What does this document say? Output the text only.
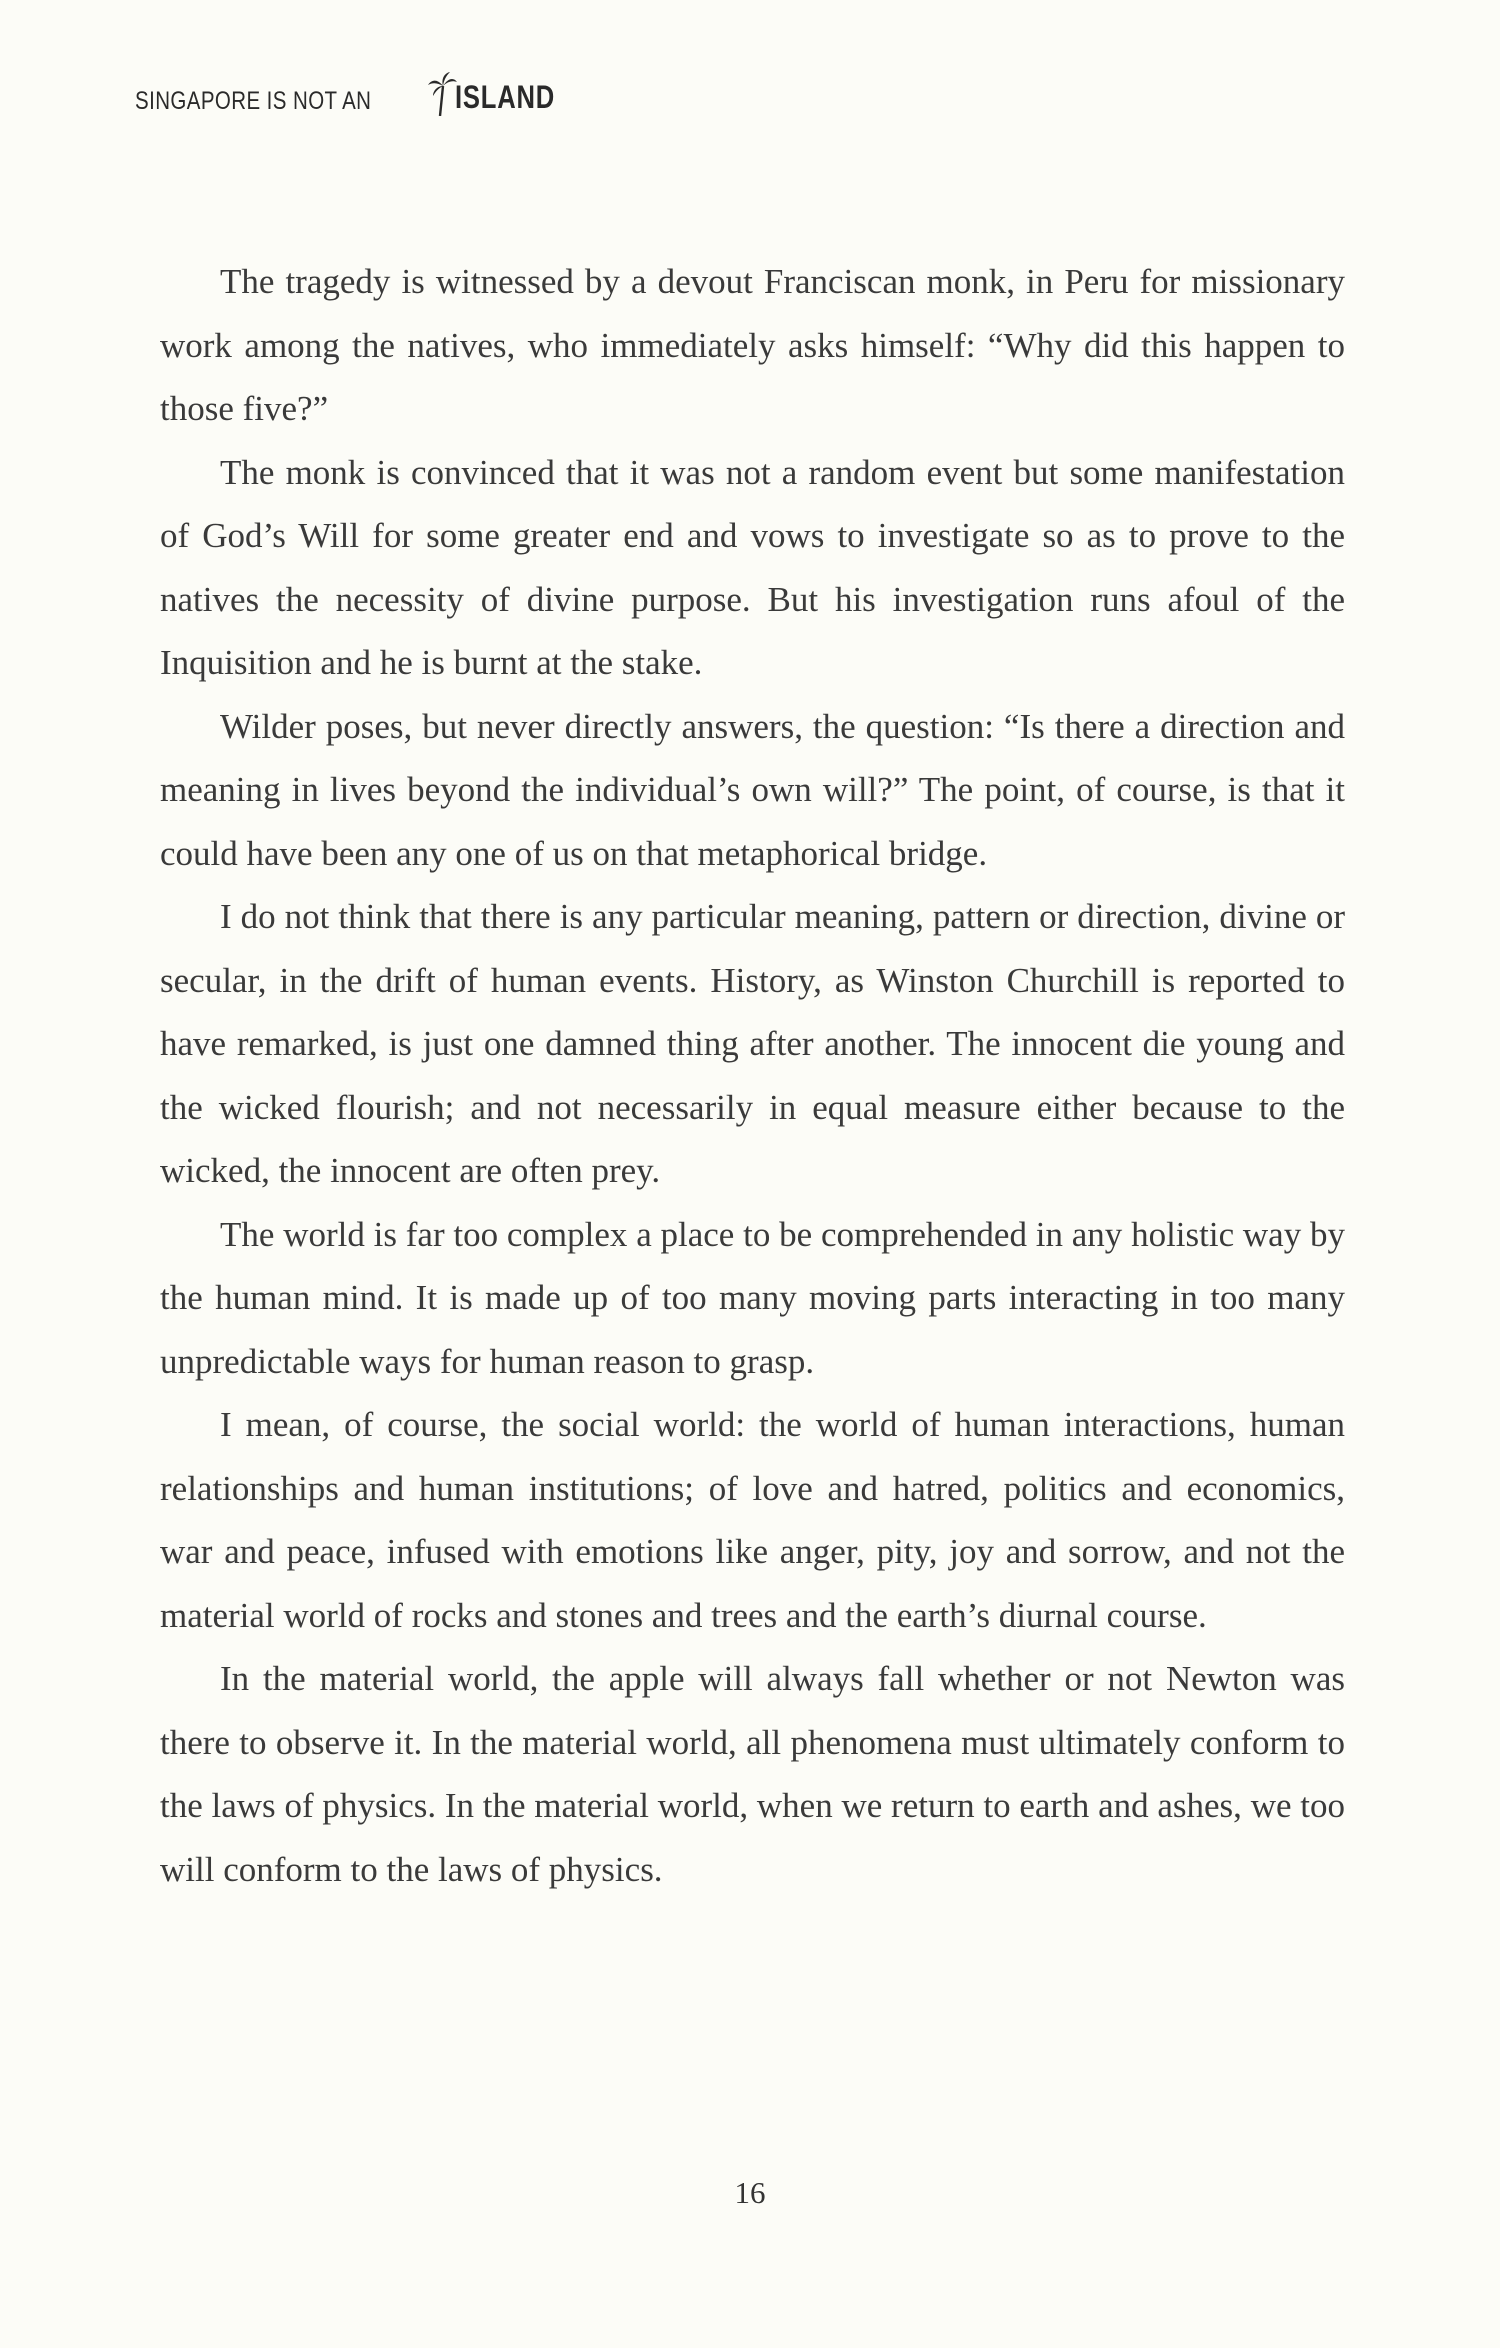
SINGAPORE IS NOT AN	ISLAND

The tragedy is witnessed by a devout Franciscan monk, in Peru for missionary work among the natives, who immediately asks himself: “Why did this happen to those five?”

The monk is convinced that it was not a random event but some manifestation of God’s Will for some greater end and vows to investigate so as to prove to the natives the necessity of divine purpose. But his investigation runs afoul of the Inquisition and he is burnt at the stake.

Wilder poses, but never directly answers, the question: “Is there a direction and meaning in lives beyond the individual’s own will?” The point, of course, is that it could have been any one of us on that metaphorical bridge.

I do not think that there is any particular meaning, pattern or direction, divine or secular, in the drift of human events. History, as Winston Churchill is reported to have remarked, is just one damned thing after another. The innocent die young and the wicked flourish; and not necessarily in equal measure either because to the wicked, the innocent are often prey.

The world is far too complex a place to be comprehended in any holistic way by the human mind. It is made up of too many moving parts interacting in too many unpredictable ways for human reason to grasp.

I mean, of course, the social world: the world of human interactions, human relationships and human institutions; of love and hatred, politics and economics, war and peace, infused with emotions like anger, pity, joy and sorrow, and not the material world of rocks and stones and trees and the earth’s diurnal course.

In the material world, the apple will always fall whether or not Newton was there to observe it. In the material world, all phenomena must ultimately conform to the laws of physics. In the material world, when we return to earth and ashes, we too will conform to the laws of physics.

16
